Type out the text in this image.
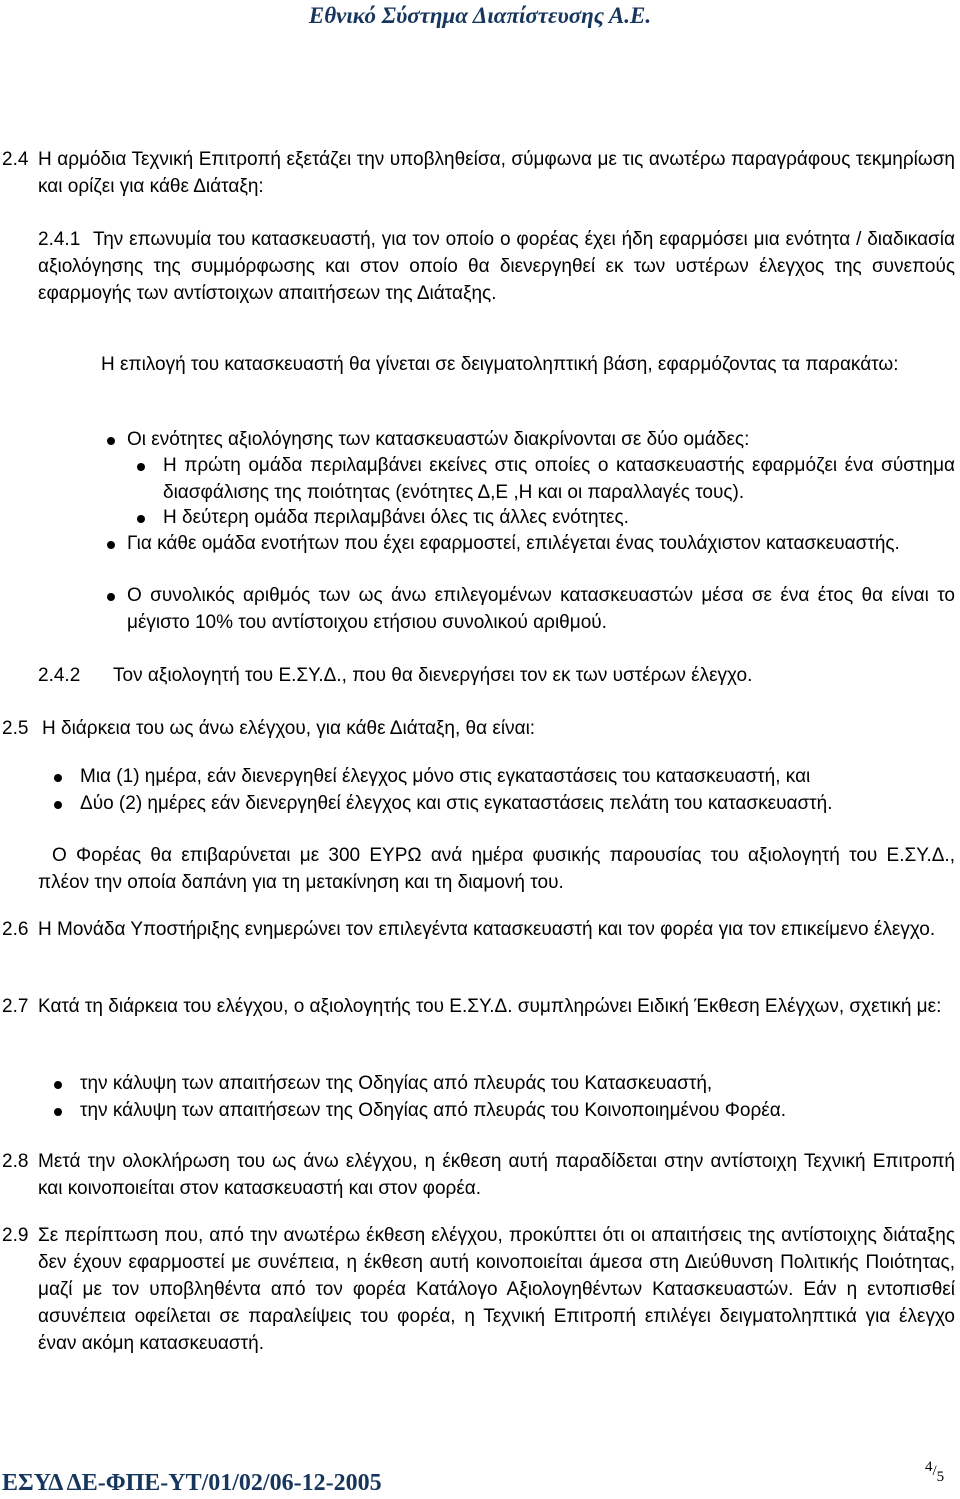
Εθνικό Σύστημα Διαπίστευσης Α.Ε.
2.4 Η αρμόδια Τεχνική Επιτροπή εξετάζει την υποβληθείσα, σύμφωνα με τις ανωτέρω παραγράφους τεκμηρίωση και ορίζει για κάθε Διάταξη:
2.4.1 Την επωνυμία του κατασκευαστή, για τον οποίο ο φορέας έχει ήδη εφαρμόσει μια ενότητα / διαδικασία αξιολόγησης της συμμόρφωσης και στον οποίο θα διενεργηθεί εκ των υστέρων έλεγχος της συνεπούς εφαρμογής των αντίστοιχων απαιτήσεων της Διάταξης.
Η επιλογή του κατασκευαστή θα γίνεται σε δειγματοληπτική βάση, εφαρμόζοντας τα παρακάτω:
Οι ενότητες αξιολόγησης των κατασκευαστών διακρίνονται σε δύο ομάδες:
Η πρώτη ομάδα περιλαμβάνει εκείνες στις οποίες ο κατασκευαστής εφαρμόζει ένα σύστημα διασφάλισης της ποιότητας (ενότητες Δ,Ε ,Η και οι παραλλαγές τους).
Η δεύτερη ομάδα περιλαμβάνει όλες τις άλλες ενότητες.
Για κάθε ομάδα ενοτήτων που έχει εφαρμοστεί, επιλέγεται ένας τουλάχιστον κατασκευαστής.
Ο συνολικός αριθμός των ως άνω επιλεγομένων κατασκευαστών μέσα σε ένα έτος θα είναι το μέγιστο 10% του αντίστοιχου ετήσιου συνολικού αριθμού.
2.4.2 Τον αξιολογητή του Ε.ΣΥ.Δ., που θα διενεργήσει τον εκ των υστέρων έλεγχο.
2.5 Η διάρκεια του ως άνω ελέγχου, για κάθε Διάταξη, θα είναι:
Μια (1) ημέρα, εάν διενεργηθεί έλεγχος μόνο στις εγκαταστάσεις του κατασκευαστή, και
Δύο (2) ημέρες εάν διενεργηθεί έλεγχος και στις εγκαταστάσεις πελάτη του κατασκευαστή.
Ο Φορέας θα επιβαρύνεται με 300 ΕΥΡΩ ανά ημέρα φυσικής παρουσίας του αξιολογητή του Ε.ΣΥ.Δ., πλέον την οποία δαπάνη για τη μετακίνηση και τη διαμονή του.
2.6 Η Μονάδα Υποστήριξης ενημερώνει τον επιλεγέντα κατασκευαστή και τον φορέα για τον επικείμενο έλεγχο.
2.7 Κατά τη διάρκεια του ελέγχου, ο αξιολογητής του Ε.ΣΥ.Δ. συμπληρώνει Ειδική Έκθεση Ελέγχων, σχετική με:
την κάλυψη των απαιτήσεων της Οδηγίας από πλευράς του Κατασκευαστή,
την κάλυψη των απαιτήσεων της Οδηγίας από πλευράς του Κοινοποιημένου Φορέα.
2.8 Μετά την ολοκλήρωση του ως άνω ελέγχου, η έκθεση αυτή παραδίδεται στην αντίστοιχη Τεχνική Επιτροπή και κοινοποιείται στον κατασκευαστή και στον φορέα.
2.9 Σε περίπτωση που, από την ανωτέρω έκθεση ελέγχου, προκύπτει ότι οι απαιτήσεις της αντίστοιχης διάταξης δεν έχουν εφαρμοστεί με συνέπεια, η έκθεση αυτή κοινοποιείται άμεσα στη Διεύθυνση Πολιτικής Ποιότητας, μαζί με τον υποβληθέντα από τον φορέα Κατάλογο Αξιολογηθέντων Κατασκευαστών. Εάν η εντοπισθεί ασυνέπεια οφείλεται σε παραλείψεις του φορέα, η Τεχνική Επιτροπή επιλέγει δειγματοληπτικά για έλεγχο έναν ακόμη κατασκευαστή.
ΕΣΥΔ ΔΕ-ΦΠΕ-ΥΤ/01/02/06-12-2005
4/5
